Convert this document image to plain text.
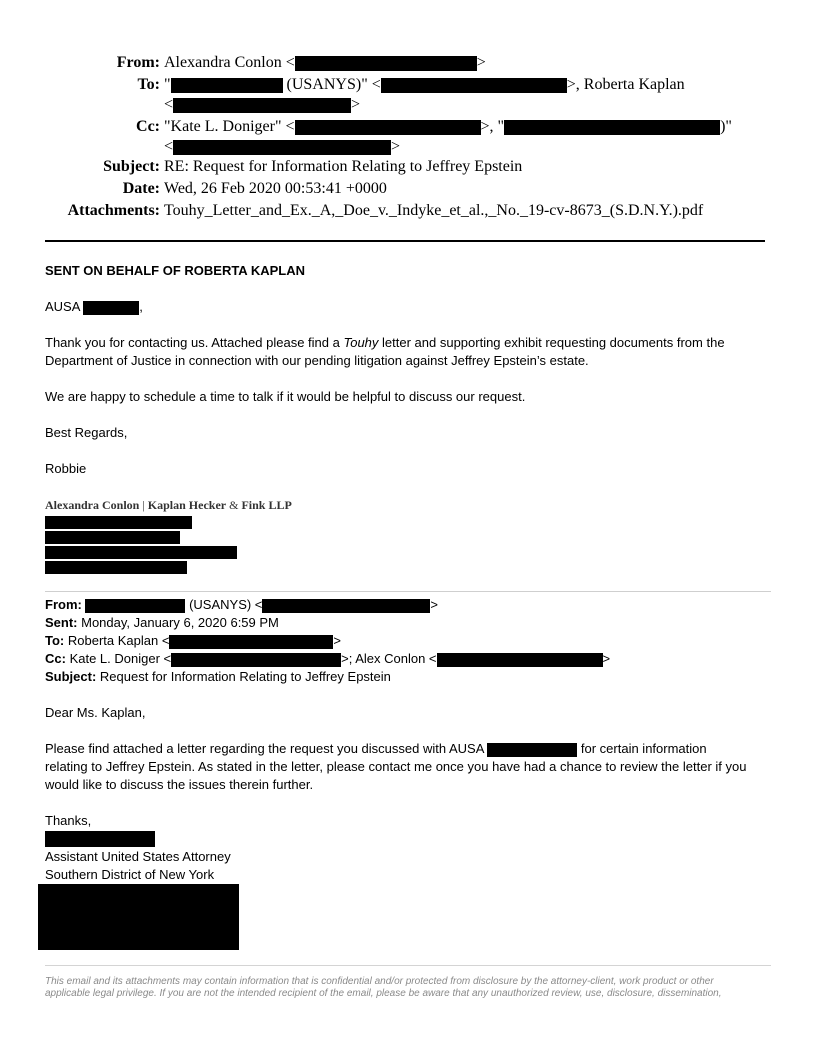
From: Alexandra Conlon <	>
To: "	(USANYS)" <	>, Roberta Kaplan
<	>
Cc: "Kate L. Doniger" <	>, "	)"
<	>
Subject: RE: Request for Information Relating to Jeffrey Epstein
Date: Wed, 26 Feb 2020 00:53:41 +0000
Attachments: Touhy_Letter_and_Ex._A,_Doe_v._Indyke_et_al.,_No._19-cv-8673_(S.D.N.Y.).pdf
SENT ON BEHALF OF ROBERTA KAPLAN
AUSA	,
Thank you for contacting us. Attached please find a Touhy letter and supporting exhibit requesting documents from the
Department of Justice in connection with our pending litigation against Jeffrey Epstein’s estate.
We are happy to schedule a time to talk if it would be helpful to discuss our request.
Best Regards,
Robbie
Alexandra Conlon | Kaplan Hecker & Fink LLP
From:	(USANYS) <	>
Sent: Monday, January 6, 2020 6:59 PM
To: Roberta Kaplan <	>
Cc: Kate L. Doniger <	>; Alex Conlon <	>
Subject: Request for Information Relating to Jeffrey Epstein
Dear Ms. Kaplan,
Please find attached a letter regarding the request you discussed with AUSA	for certain information
relating to Jeffrey Epstein. As stated in the letter, please contact me once you have had a chance to review the letter if you
would like to discuss the issues therein further.
Thanks,
Assistant United States Attorney
Southern District of New York
This email and its attachments may contain information that is confidential and/or protected from disclosure by the attorney-client, work product or other
applicable legal privilege. If you are not the intended recipient of the email, please be aware that any unauthorized review, use, disclosure, dissemination,
